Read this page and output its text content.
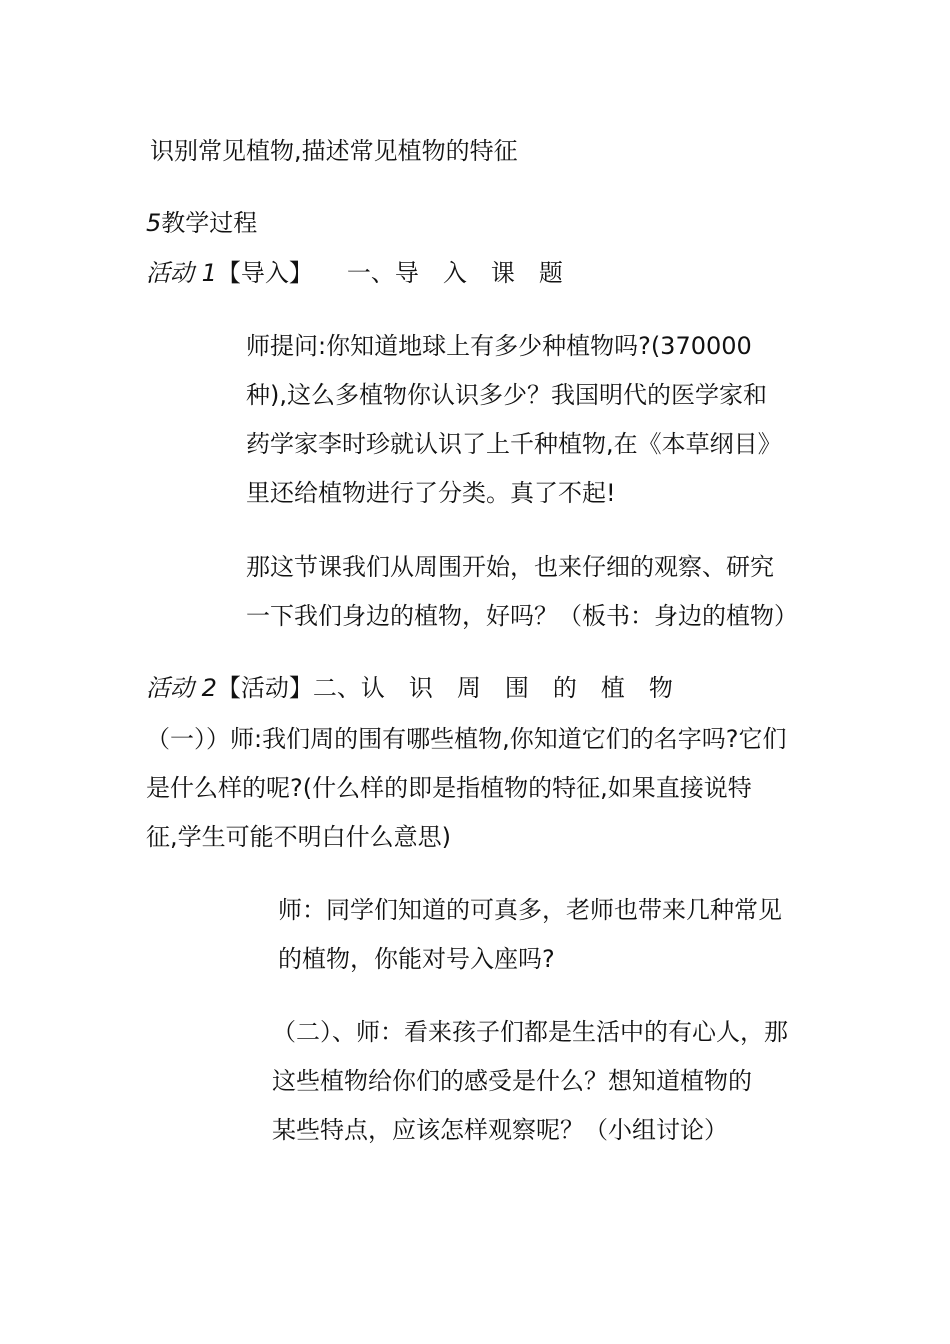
识别常见植物,描述常见植物的特征
5教学过程
活动 1【导入】 一、导　入　课　题
师提问:你知道地球上有多少种植物吗?(370000
种),这么多植物你认识多少？我国明代的医学家和
药学家李时珍就认识了上千种植物,在《本草纲目》
里还给植物进行了分类。真了不起!
那这节课我们从周围开始，也来仔细的观察、研究
一下我们身边的植物，好吗？（板书：身边的植物）
活动 2【活动】二、认　识　周　围　的　植　物
（一））师:我们周的围有哪些植物,你知道它们的名字吗?它们
是什么样的呢?(什么样的即是指植物的特征,如果直接说特
征,学生可能不明白什么意思)
师：同学们知道的可真多，老师也带来几种常见
的植物，你能对号入座吗?
（二）、师：看来孩子们都是生活中的有心人，那
这些植物给你们的感受是什么？想知道植物的
某些特点，应该怎样观察呢？（小组讨论）
